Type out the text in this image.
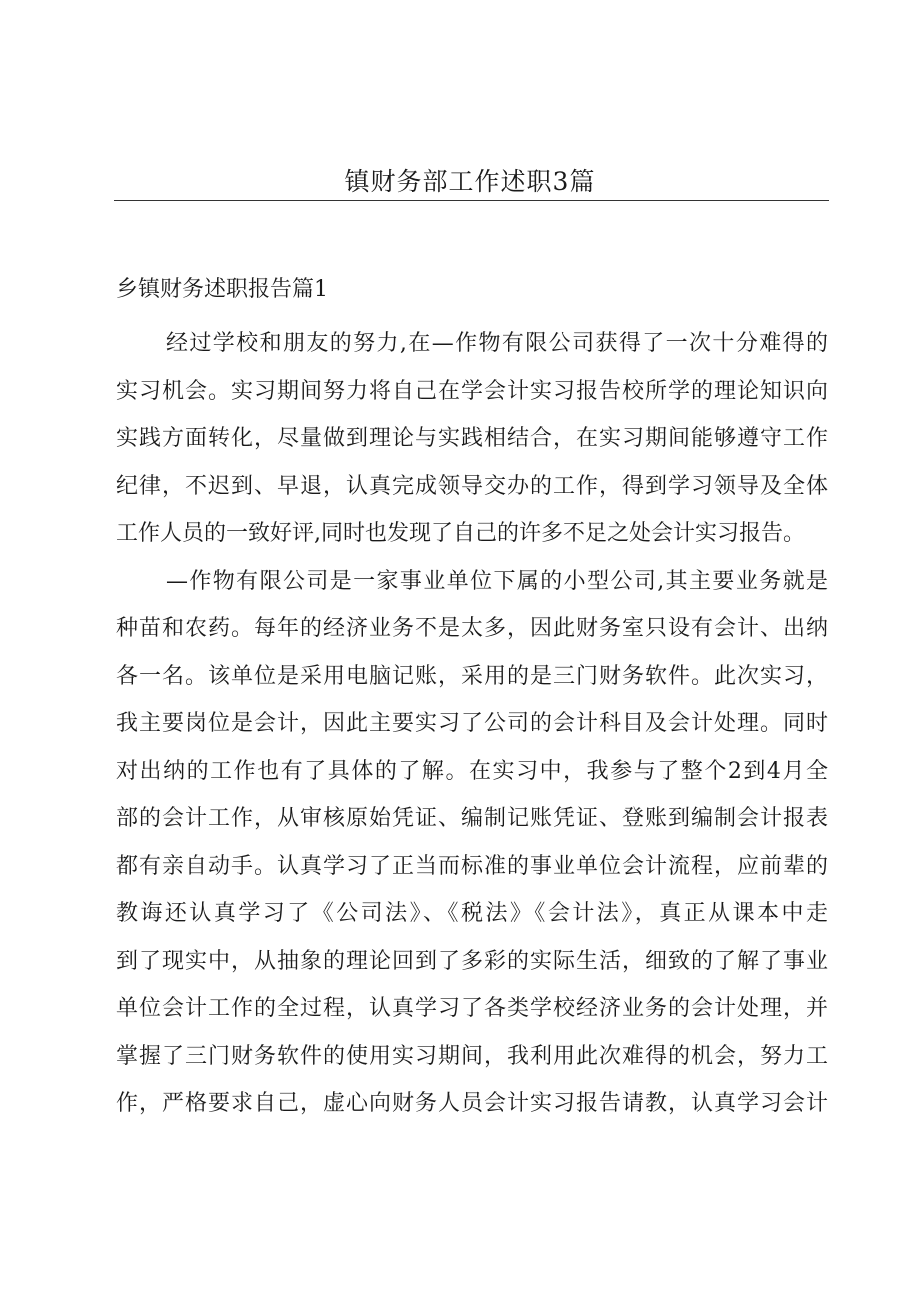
镇财务部工作述职3篇
乡镇财务述职报告篇1
经过学校和朋友的努力,在—作物有限公司获得了一次十分难得的
实习机会。实习期间努力将自己在学会计实习报告校所学的理论知识向
实践方面转化，尽量做到理论与实践相结合，在实习期间能够遵守工作
纪律，不迟到、早退，认真完成领导交办的工作，得到学习领导及全体
工作人员的一致好评,同时也发现了自己的许多不足之处会计实习报告。
—作物有限公司是一家事业单位下属的小型公司,其主要业务就是
种苗和农药。每年的经济业务不是太多，因此财务室只设有会计、出纳
各一名。该单位是采用电脑记账，采用的是三门财务软件。此次实习，
我主要岗位是会计，因此主要实习了公司的会计科目及会计处理。同时
对出纳的工作也有了具体的了解。在实习中，我参与了整个2到4月全
部的会计工作，从审核原始凭证、编制记账凭证、登账到编制会计报表
都有亲自动手。认真学习了正当而标准的事业单位会计流程，应前辈的
教诲还认真学习了《公司法》、《税法》《会计法》，真正从课本中走
到了现实中，从抽象的理论回到了多彩的实际生活，细致的了解了事业
单位会计工作的全过程，认真学习了各类学校经济业务的会计处理，并
掌握了三门财务软件的使用实习期间，我利用此次难得的机会，努力工
作，严格要求自己，虚心向财务人员会计实习报告请教，认真学习会计
